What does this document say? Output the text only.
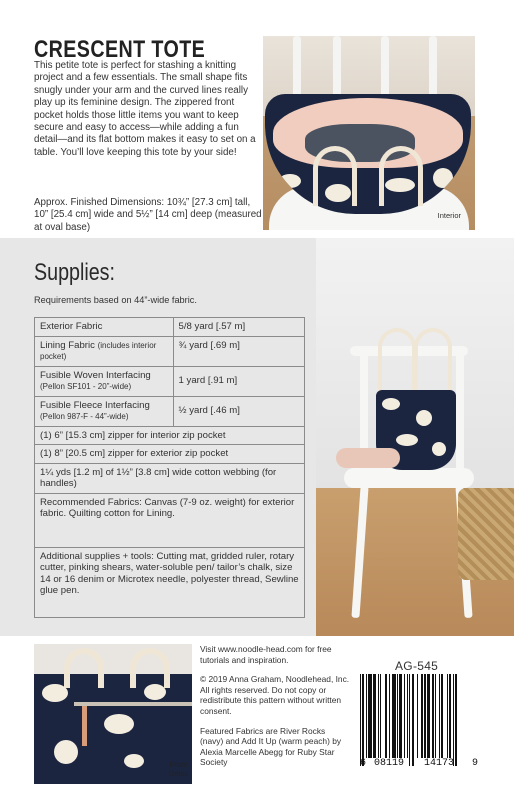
CRESCENT TOTE
This petite tote is perfect for stashing a knitting project and a few essentials. The small shape fits snugly under your arm and the curved lines really play up its feminine design. The zippered front pocket holds those little items you want to keep secure and easy to access—while adding a fun detail—and its flat bottom makes it easy to set on a table. You’ll love keeping this tote by your side!
Approx. Finished Dimensions: 10¾” [27.3 cm] tall, 10” [25.4 cm] wide and 5½” [14 cm] deep (measured at oval base)
Interior
Supplies:
Requirements based on 44”-wide fabric.
Exterior Fabric	5/8 yard [.57 m]
Lining Fabric (includes interior pocket)	¾ yard [.69 m]
Fusible Woven Interfacing
(Pellon SF101 - 20”-wide)	1 yard [.91 m]
Fusible Fleece Interfacing
(Pellon 987-F - 44”-wide)	½ yard [.46 m]
(1) 6” [15.3 cm] zipper for interior zip pocket	
(1) 8” [20.5 cm] zipper for exterior zip pocket	
1¼ yds [1.2 m] of 1½” [3.8 cm] wide cotton webbing (for handles)	
Recommended Fabrics: Canvas (7-9 oz. weight) for exterior fabric. Quilting cotton for Lining.	
Additional supplies + tools: Cutting mat, gridded ruler, rotary cutter, pinking shears, water-soluble pen/ tailor’s chalk, size 14 or 16 denim or Microtex needle, polyester thread, Sewline glue pen.	
Front
Detail

Visit www.noodle-head.com for free tutorials and inspiration.

© 2019 Anna Graham, Noodlehead, Inc. All rights reserved. Do not copy or redistribute this pattern without written consent.

Featured Fabrics are River Rocks (navy) and Add It Up (warm peach) by Alexia Marcelle Abegg for Ruby Star Society

AG-545
6 08119 14173 9
